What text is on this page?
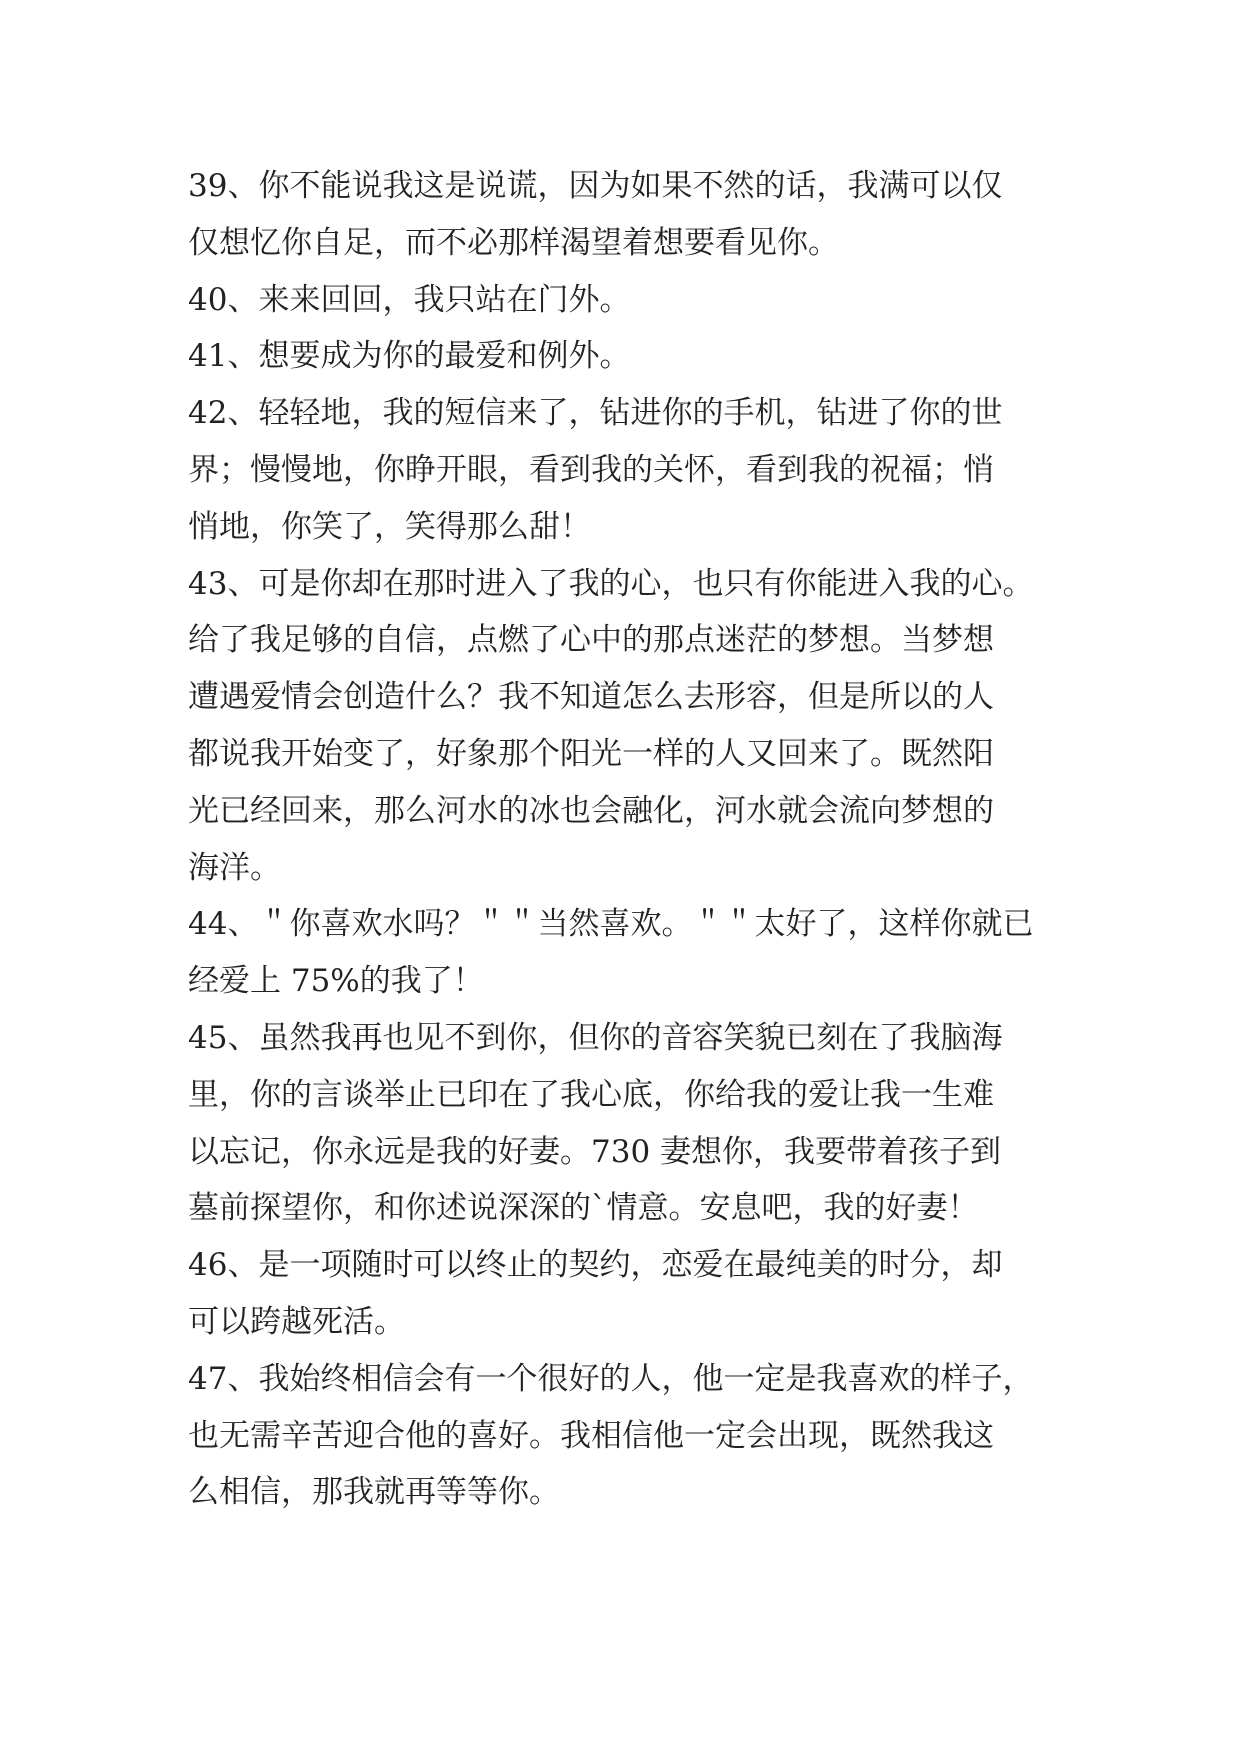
39、你不能说我这是说谎，因为如果不然的话，我满可以仅
仅想忆你自足，而不必那样渴望着想要看见你。
40、来来回回，我只站在门外。
41、想要成为你的最爱和例外。
42、轻轻地，我的短信来了，钻进你的手机，钻进了你的世
界；慢慢地，你睁开眼，看到我的关怀，看到我的祝福；悄
悄地，你笑了，笑得那么甜！
43、可是你却在那时进入了我的心，也只有你能进入我的心。
给了我足够的自信，点燃了心中的那点迷茫的梦想。当梦想
遭遇爱情会创造什么？我不知道怎么去形容，但是所以的人
都说我开始变了，好象那个阳光一样的人又回来了。既然阳
光已经回来，那么河水的冰也会融化，河水就会流向梦想的
海洋。
44、＂你喜欢水吗？＂＂当然喜欢。＂＂太好了，这样你就已
经爱上 75%的我了！
45、虽然我再也见不到你，但你的音容笑貌已刻在了我脑海
里，你的言谈举止已印在了我心底，你给我的爱让我一生难
以忘记，你永远是我的好妻。730 妻想你，我要带着孩子到
墓前探望你，和你述说深深的`情意。安息吧，我的好妻！
46、是一项随时可以终止的契约，恋爱在最纯美的时分，却
可以跨越死活。
47、我始终相信会有一个很好的人，他一定是我喜欢的样子，
也无需辛苦迎合他的喜好。我相信他一定会出现，既然我这
么相信，那我就再等等你。
